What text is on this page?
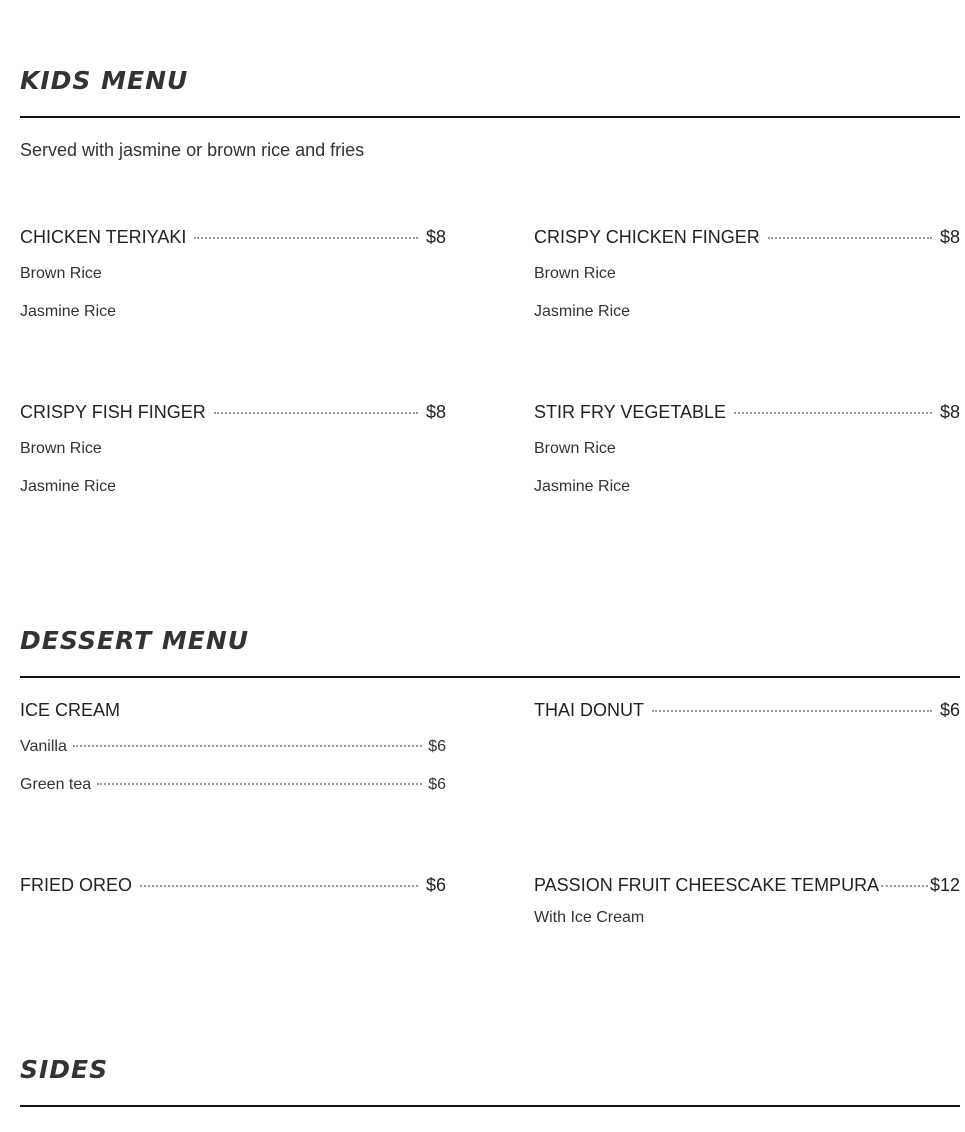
KIDS MENU
Served with jasmine or brown rice and fries
CHICKEN TERIYAKI	$8
Brown Rice
Jasmine Rice
CRISPY CHICKEN FINGER	$8
Brown Rice
Jasmine Rice
CRISPY FISH FINGER	$8
Brown Rice
Jasmine Rice
STIR FRY VEGETABLE	$8
Brown Rice
Jasmine Rice
DESSERT MENU
ICE CREAM
Vanilla	$6
Green tea	$6
THAI DONUT	$6
FRIED OREO	$6	PASSION FRUIT CHEESCAKE TEMPURA	$12
With Ice Cream
SIDES
